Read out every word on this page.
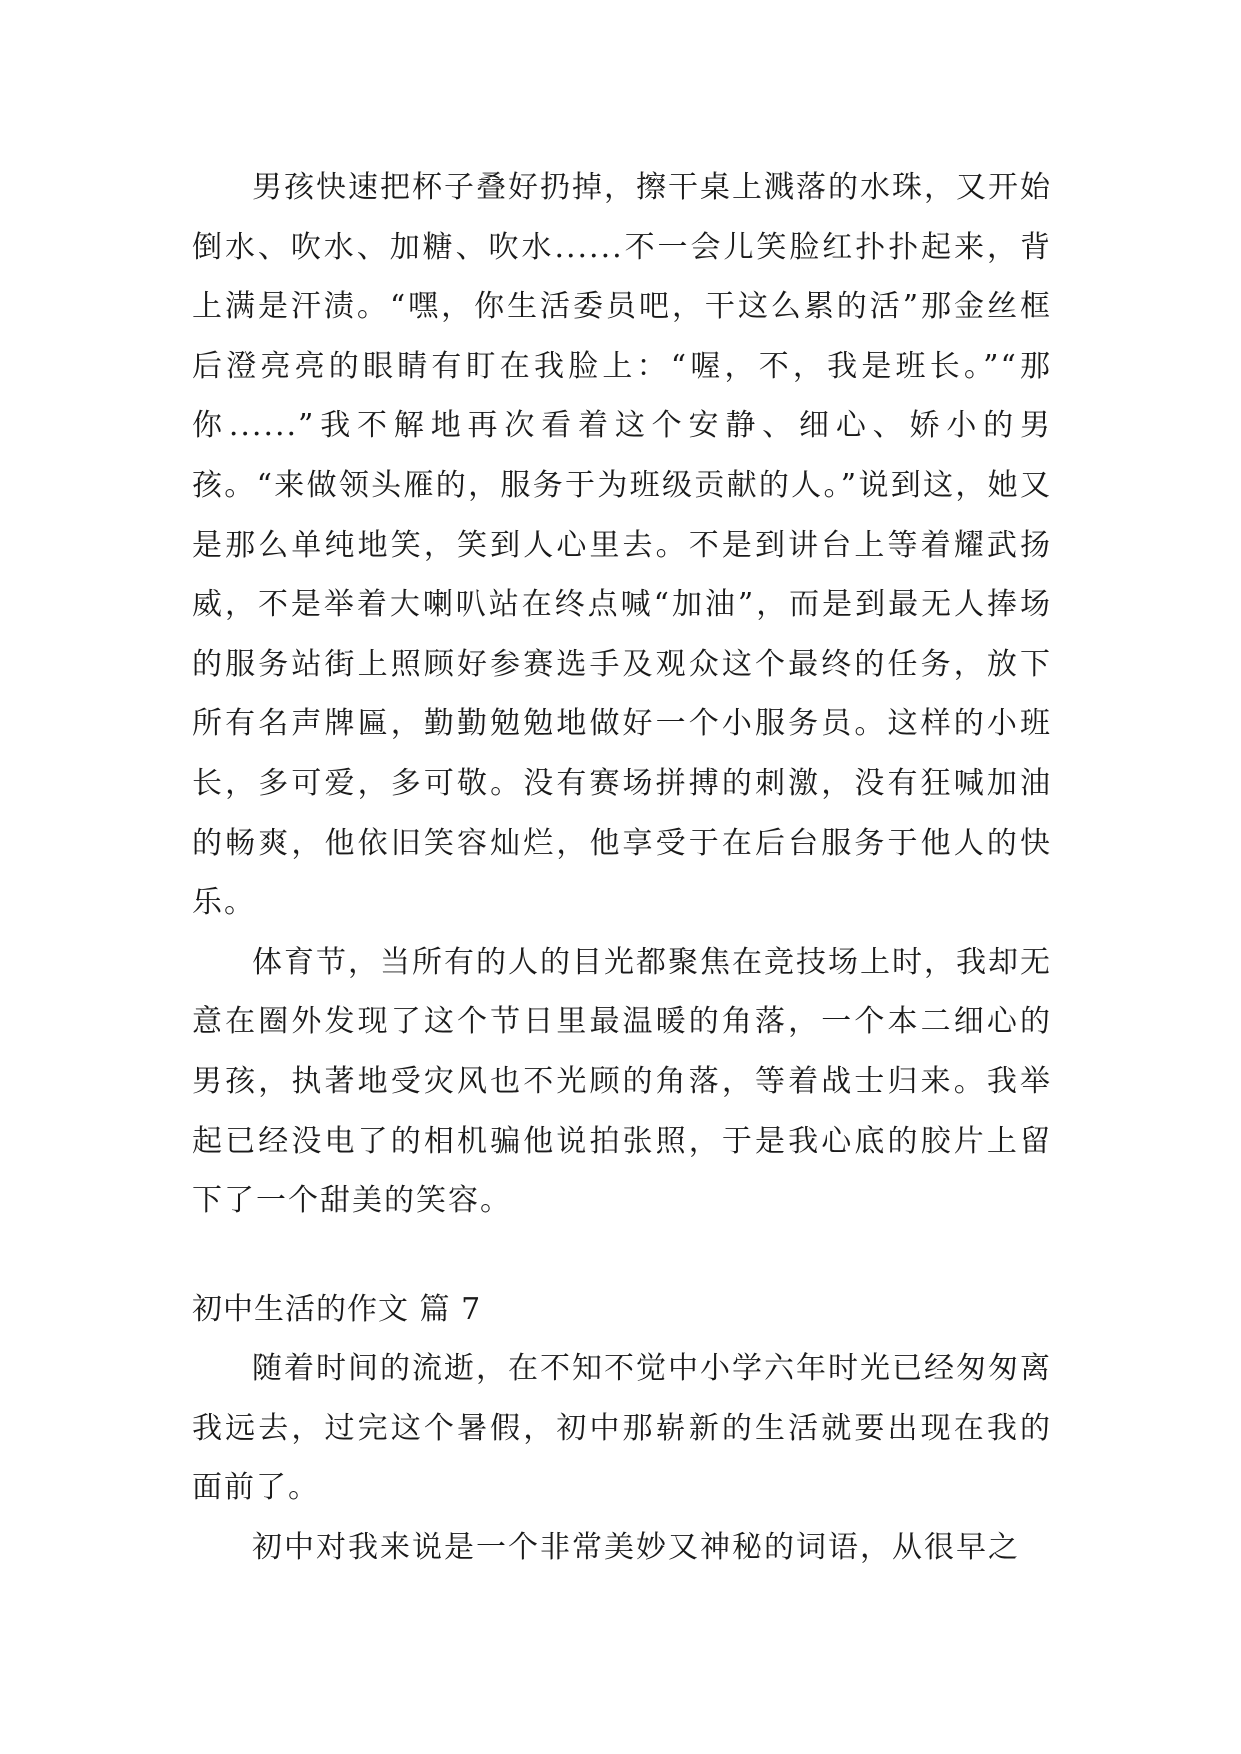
男孩快速把杯子叠好扔掉，擦干桌上溅落的水珠，又开始倒水、吹水、加糖、吹水......不一会儿笑脸红扑扑起来，背上满是汗渍。“嘿，你生活委员吧，干这么累的活”那金丝框后澄亮亮的眼睛有盯在我脸上：“喔，不，我是班长。”“那你......”我不解地再次看着这个安静、细心、娇小的男孩。“来做领头雁的，服务于为班级贡献的人。”说到这，她又是那么单纯地笑，笑到人心里去。不是到讲台上等着耀武扬威，不是举着大喇叭站在终点喊“加油”，而是到最无人捧场的服务站街上照顾好参赛选手及观众这个最终的任务，放下所有名声牌匾，勤勤勉勉地做好一个小服务员。这样的小班长，多可爱，多可敬。没有赛场拼搏的刺激，没有狂喊加油的畅爽，他依旧笑容灿烂，他享受于在后台服务于他人的快乐。

体育节，当所有的人的目光都聚焦在竞技场上时，我却无意在圈外发现了这个节日里最温暖的角落，一个本二细心的男孩，执著地受灾风也不光顾的角落，等着战士归来。我举起已经没电了的相机骗他说拍张照，于是我心底的胶片上留下了一个甜美的笑容。

初中生活的作文 篇 7

随着时间的流逝，在不知不觉中小学六年时光已经匆匆离我远去，过完这个暑假，初中那崭新的生活就要出现在我的面前了。

初中对我来说是一个非常美妙又神秘的词语，从很早之
